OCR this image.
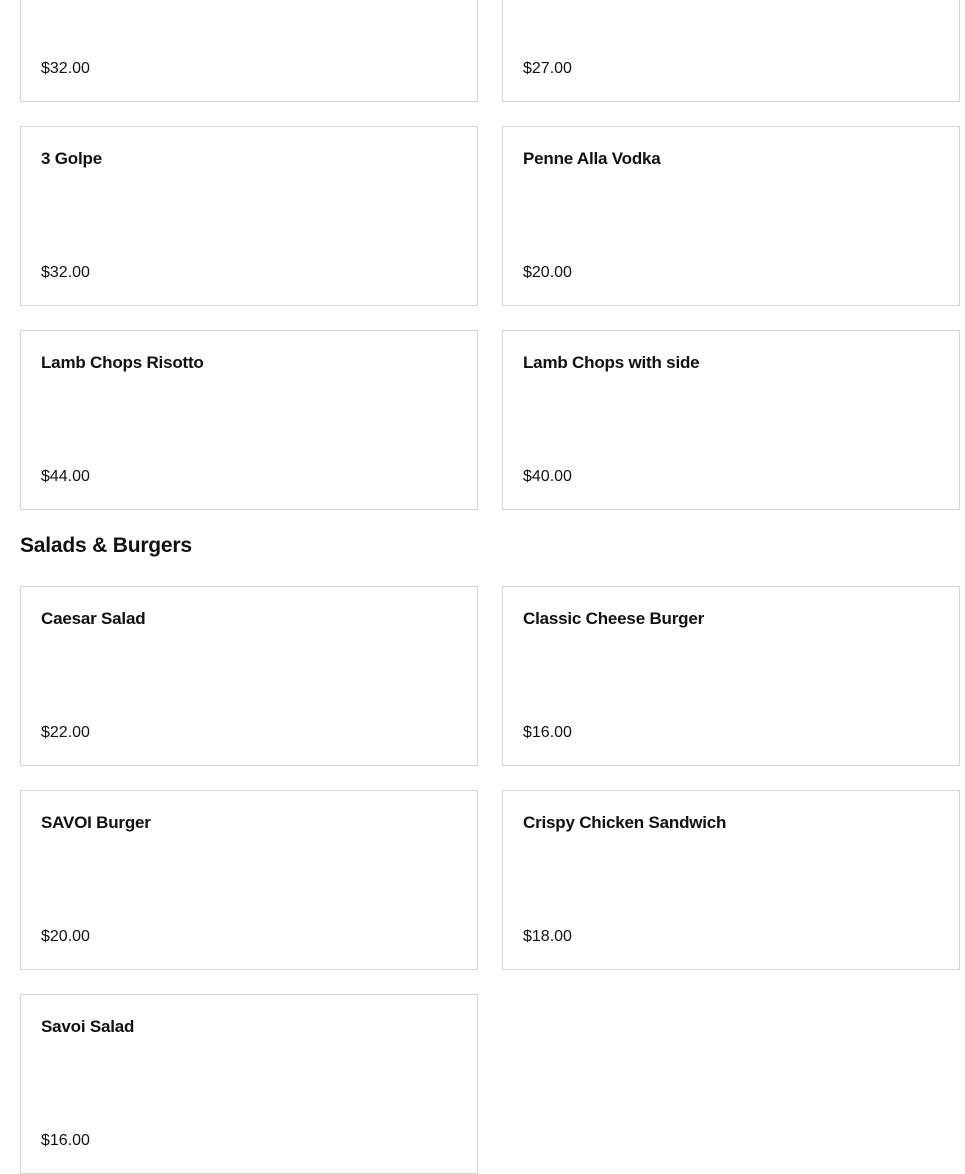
$32.00	$27.00
3 Golpe
$32.00
Penne Alla Vodka
$20.00
Lamb Chops Risotto
$44.00
Lamb Chops with side
$40.00
Salads & Burgers
Caesar Salad
$22.00
Classic Cheese Burger
$16.00
SAVOI Burger
$20.00
Crispy Chicken Sandwich
$18.00
Savoi Salad
$16.00
